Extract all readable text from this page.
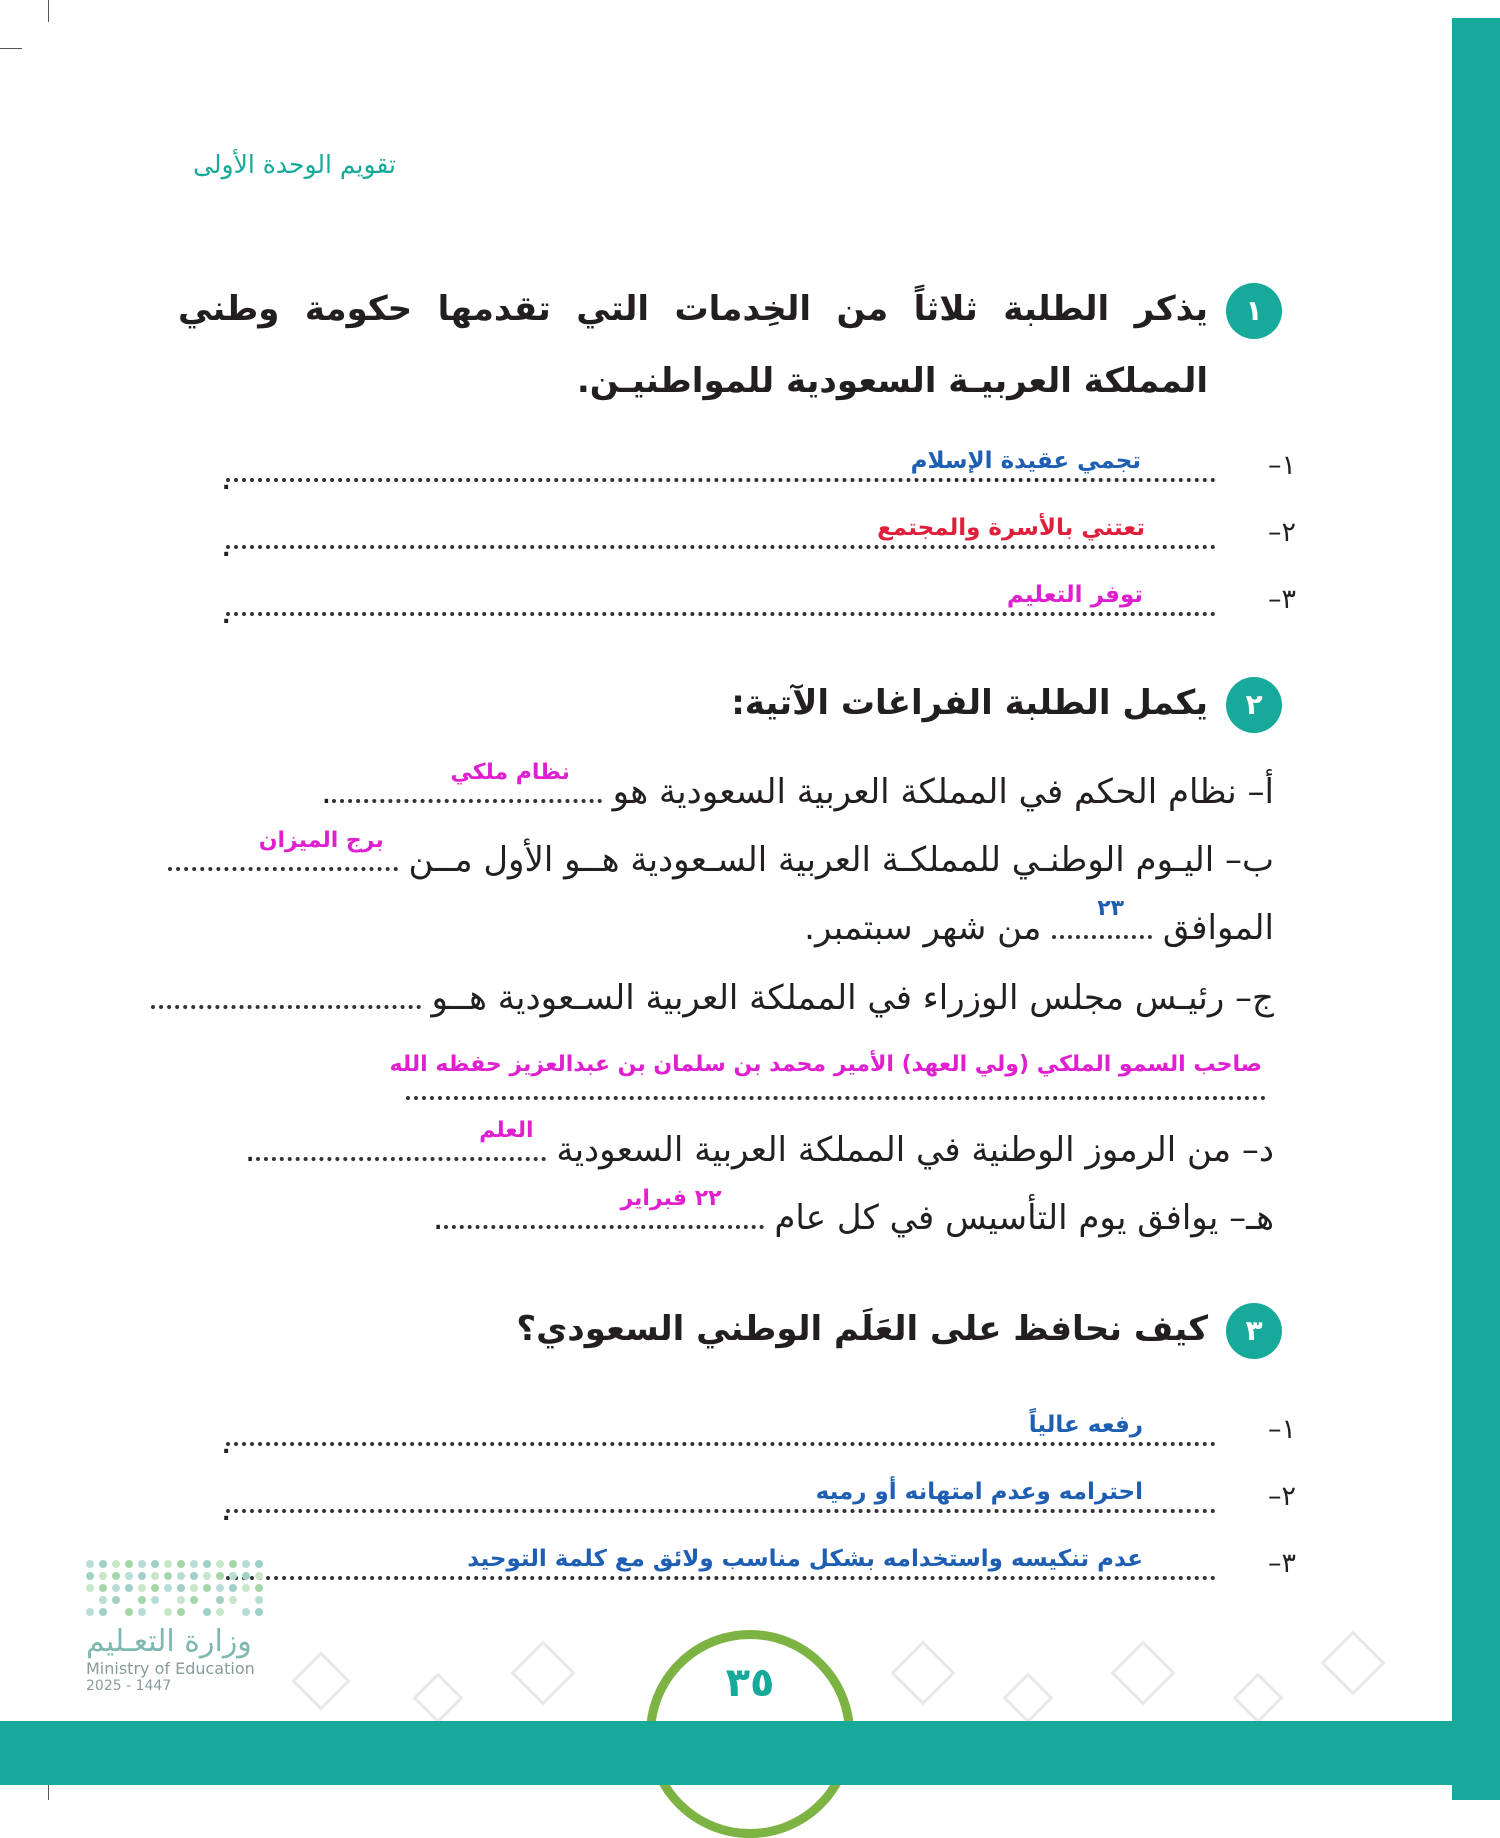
تقويم الوحدة الأولى
١
يذكر الطلبة ثلاثاً من الخِدمات التي تقدمها حكومة وطني المملكة العربيـة السعودية للمواطنيـن.
١–
.
تجمي عقيدة الإسلام
٢–
.
تعتني بالأسرة والمجتمع
٣–
.
توفر التعليم
٢
يكمل الطلبة الفراغات الآتية:
أ– نظام الحكم في المملكة العربية السعودية هو
نظام ملكي
.
ب– اليـوم الوطنـي للمملكـة العربية السـعودية هــو الأول مــن
برج الميزان
الموافق
٢٣
من شهر سبتمبر.
ج– رئيـس مجلس الوزراء في المملكة العربية السـعودية هــو
صاحب السمو الملكي (ولي العهد) الأمير محمد بن سلمان بن عبدالعزيز حفظه الله
د– من الرموز الوطنية في المملكة العربية السعودية
العلم
.
هـ– يوافق يوم التأسيس في كل عام
٢٢ فبراير
.
٣
كيف نحافظ على العَلَم الوطني السعودي؟
١–
.
رفعه عالياً
٢–
.
احترامه وعدم امتهانه أو رميه
٣–
عدم تنكيسه واستخدامه بشكل مناسب ولائق مع كلمة التوحيد
وزارة التعـليم
Ministry of Education
2025 - 1447	٣٥
